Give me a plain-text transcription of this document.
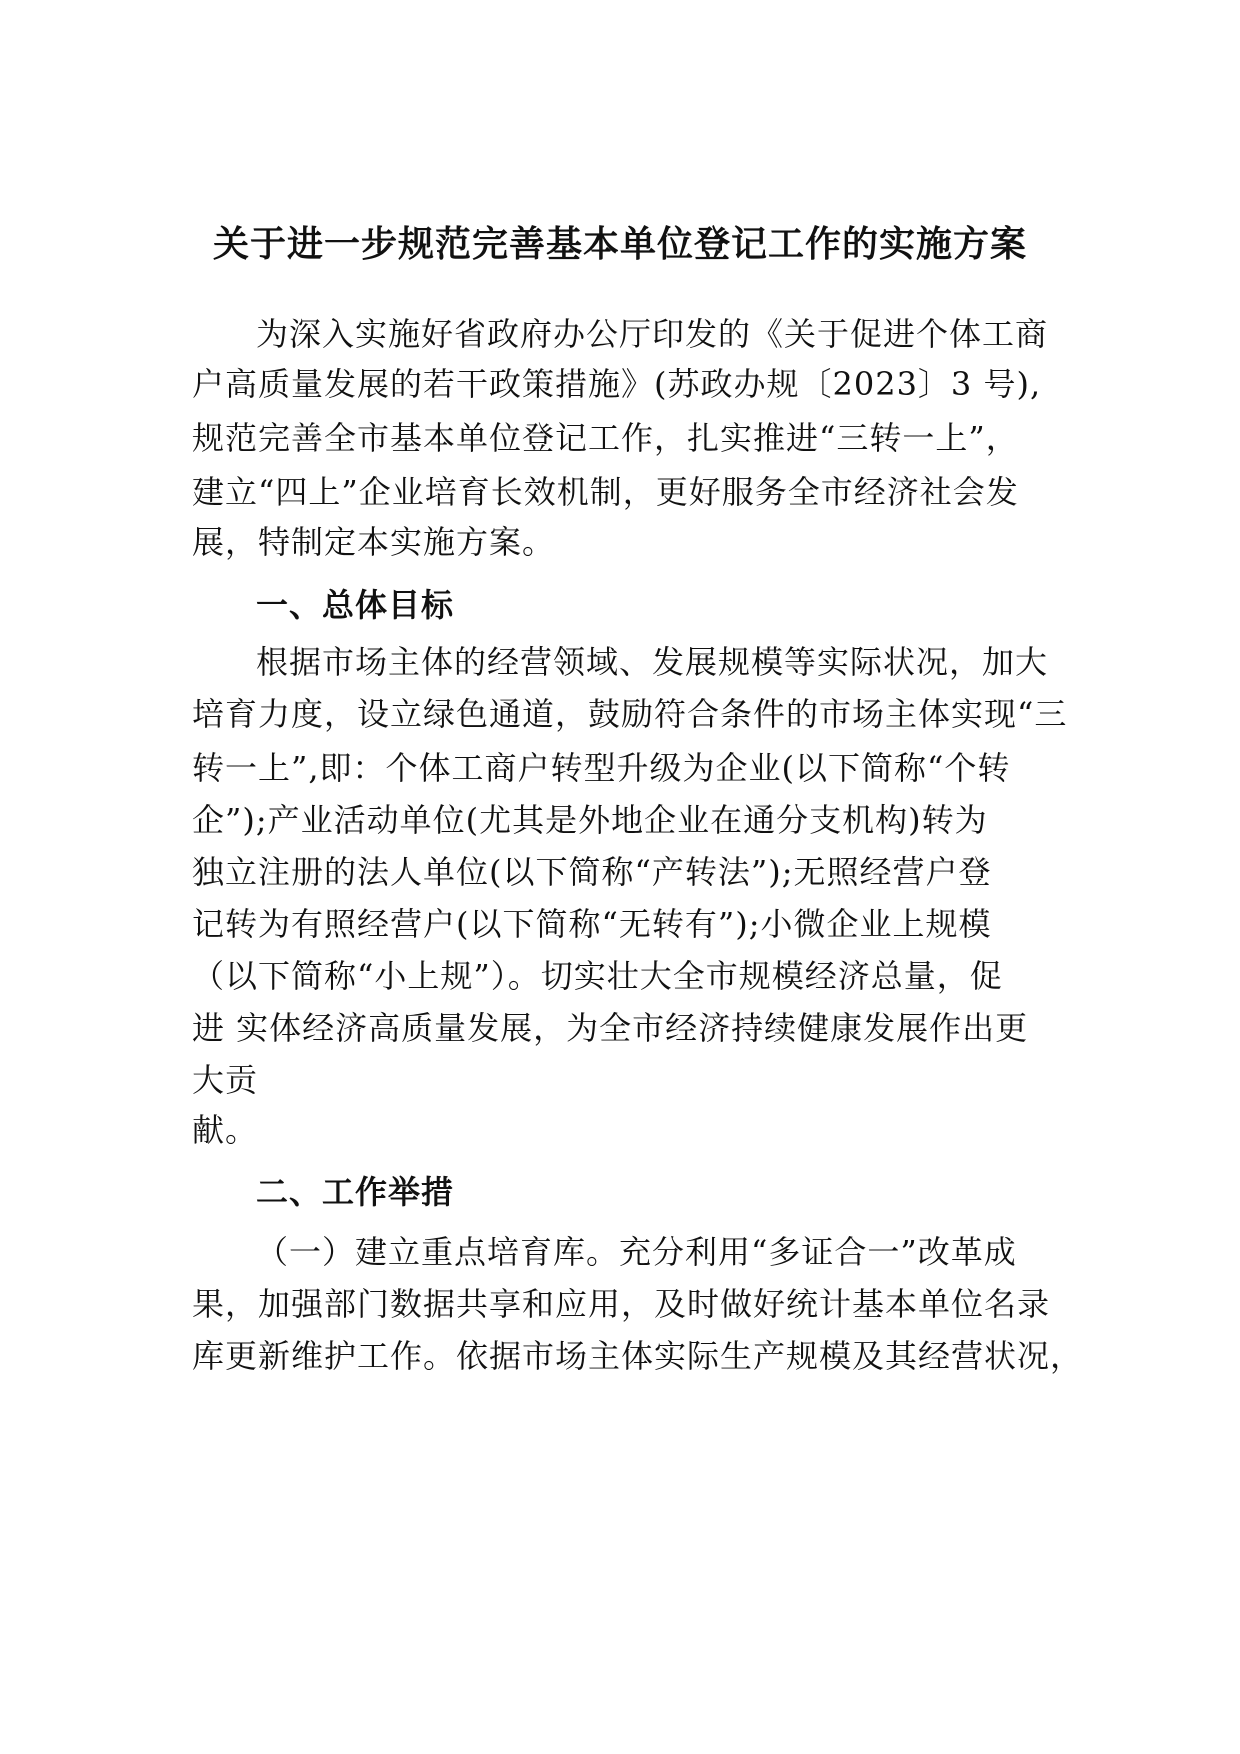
关于进一步规范完善基本单位登记工作的实施方案
为深入实施好省政府办公厅印发的《关于促进个体工商
户高质量发展的若干政策措施》(苏政办规〔2023〕3 号),
规范完善全市基本单位登记工作，扎实推进“三转一上”，
建立“四上”企业培育长效机制，更好服务全市经济社会发
展，特制定本实施方案。
一、总体目标
根据市场主体的经营领域、发展规模等实际状况，加大
培育力度，设立绿色通道，鼓励符合条件的市场主体实现“三
转一上”,即：个体工商户转型升级为企业(以下简称“个转
企”);产业活动单位(尤其是外地企业在通分支机构)转为
独立注册的法人单位(以下简称“产转法”);无照经营户登
记转为有照经营户(以下简称“无转有”);小微企业上规模
（以下简称“小上规”）。切实壮大全市规模经济总量，促
进 实体经济高质量发展，为全市经济持续健康发展作出更
大贡
献。
二、工作举措
（一）建立重点培育库。充分利用“多证合一”改革成
果，加强部门数据共享和应用，及时做好统计基本单位名录
库更新维护工作。依据市场主体实际生产规模及其经营状况，
